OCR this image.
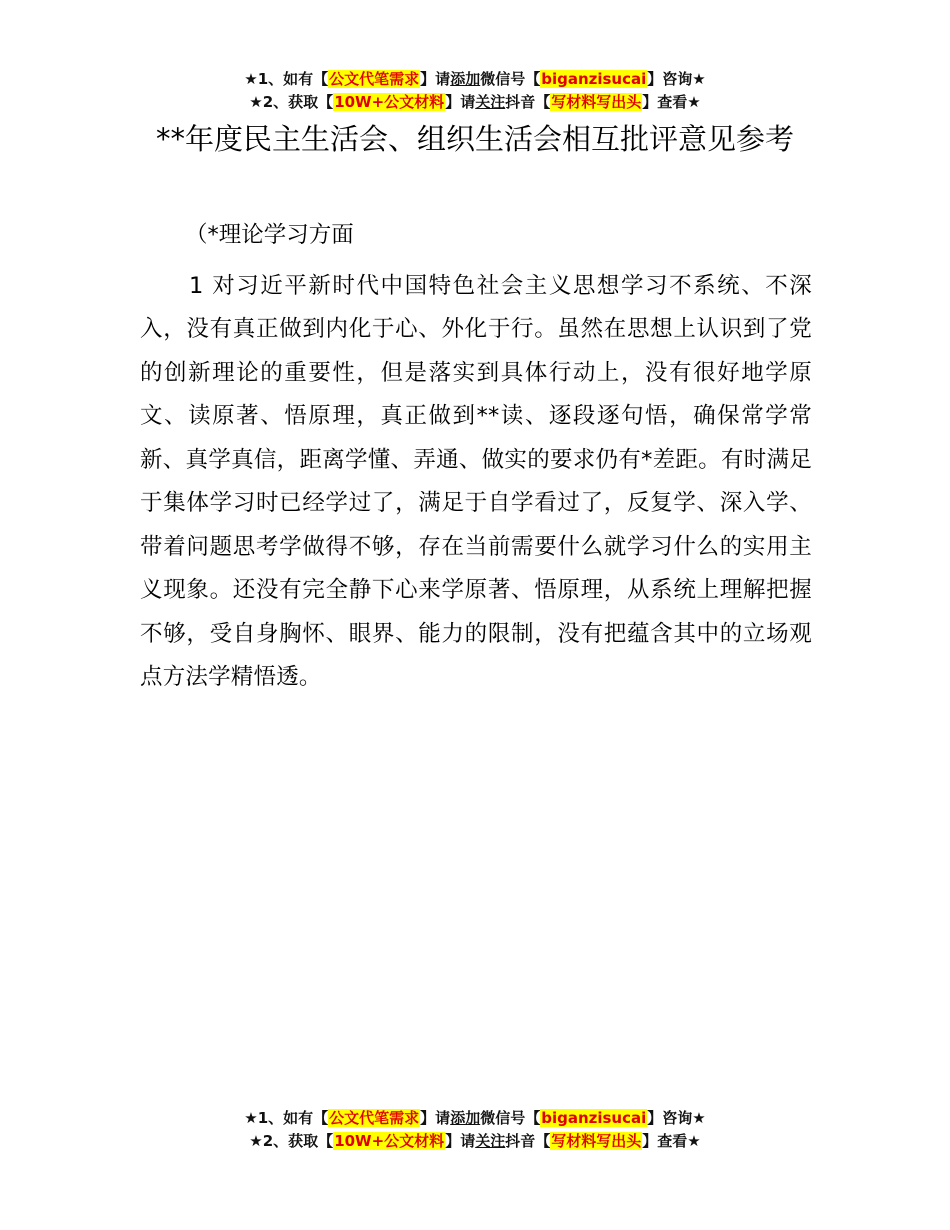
★1、如有【公文代笔需求】请添加微信号【biganzisucai】咨询★
★2、获取【10W+公文材料】请关注抖音【写材料写出头】查看★
**年度民主生活会、组织生活会相互批评意见参考

（*理论学习方面

1 对习近平新时代中国特色社会主义思想学习不系统、不深入，没有真正做到内化于心、外化于行。虽然在思想上认识到了党的创新理论的重要性，但是落实到具体行动上，没有很好地学原文、读原著、悟原理，真正做到**读、逐段逐句悟，确保常学常新、真学真信，距离学懂、弄通、做实的要求仍有*差距。有时满足于集体学习时已经学过了，满足于自学看过了，反复学、深入学、带着问题思考学做得不够，存在当前需要什么就学习什么的实用主义现象。还没有完全静下心来学原著、悟原理，从系统上理解把握不够，受自身胸怀、眼界、能力的限制，没有把蕴含其中的立场观点方法学精悟透。

★1、如有【公文代笔需求】请添加微信号【biganzisucai】咨询★
★2、获取【10W+公文材料】请关注抖音【写材料写出头】查看★
